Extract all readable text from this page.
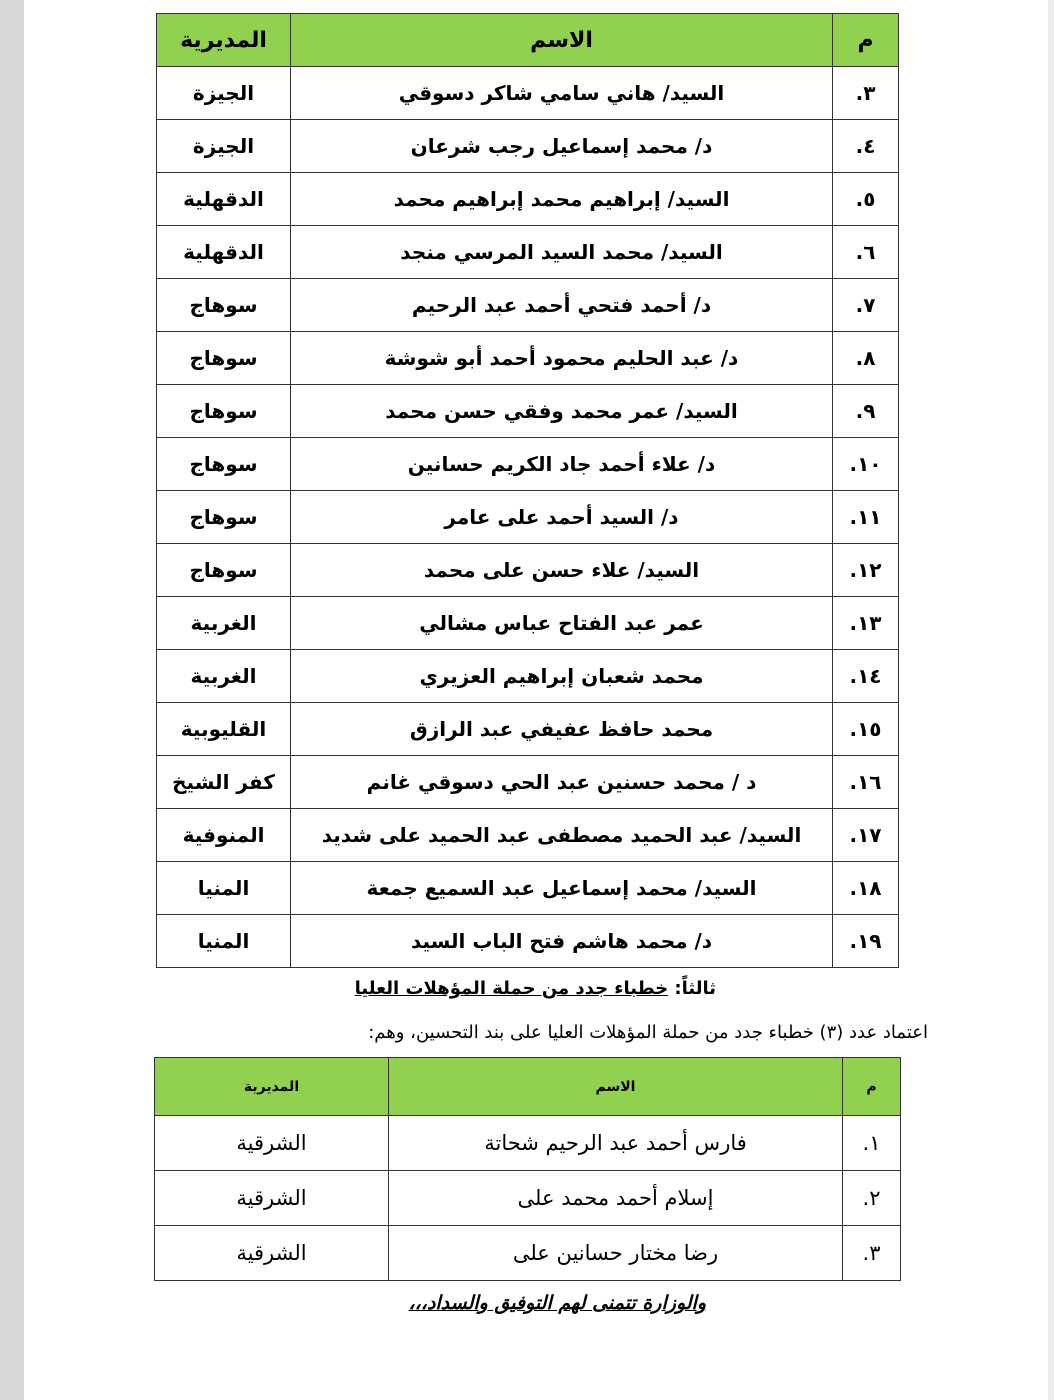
م	الاسم	المديرية
٣.	السيد/ هاني سامي شاكر دسوقي	الجيزة
٤.	د/ محمد إسماعيل رجب شرعان	الجيزة
٥.	السيد/ إبراهيم محمد إبراهيم محمد	الدقهلية
٦.	السيد/ محمد السيد المرسي منجد	الدقهلية
٧.	د/ أحمد فتحي أحمد عبد الرحيم	سوهاج
٨.	د/ عبد الحليم محمود أحمد أبو شوشة	سوهاج
٩.	السيد/ عمر محمد وفقي حسن محمد	سوهاج
١٠.	د/ علاء أحمد جاد الكريم حسانين	سوهاج
١١.	د/ السيد أحمد على عامر	سوهاج
١٢.	السيد/ علاء حسن على محمد	سوهاج
١٣.	عمر عبد الفتاح عباس مشالي	الغربية
١٤.	محمد شعبان إبراهيم العزيري	الغربية
١٥.	محمد حافظ عفيفي عبد الرازق	القليوبية
١٦.	د / محمد حسنين عبد الحي دسوقي غانم	كفر الشيخ
١٧.	السيد/ عبد الحميد مصطفى عبد الحميد على شديد	المنوفية
١٨.	السيد/ محمد إسماعيل عبد السميع جمعة	المنيا
١٩.	د/ محمد هاشم فتح الباب السيد	المنيا
ثالثاً: خطباء جدد من حملة المؤهلات العليا
اعتماد عدد (٣) خطباء جدد من حملة المؤهلات العليا على بند التحسين، وهم:
م	الاسم	المديرية
١.	فارس أحمد عبد الرحيم شحاتة	الشرقية
٢.	إسلام أحمد محمد على	الشرقية
٣.	رضا مختار حسانين على	الشرقية
والوزارة تتمنى لهم التوفيق والسداد،،،
